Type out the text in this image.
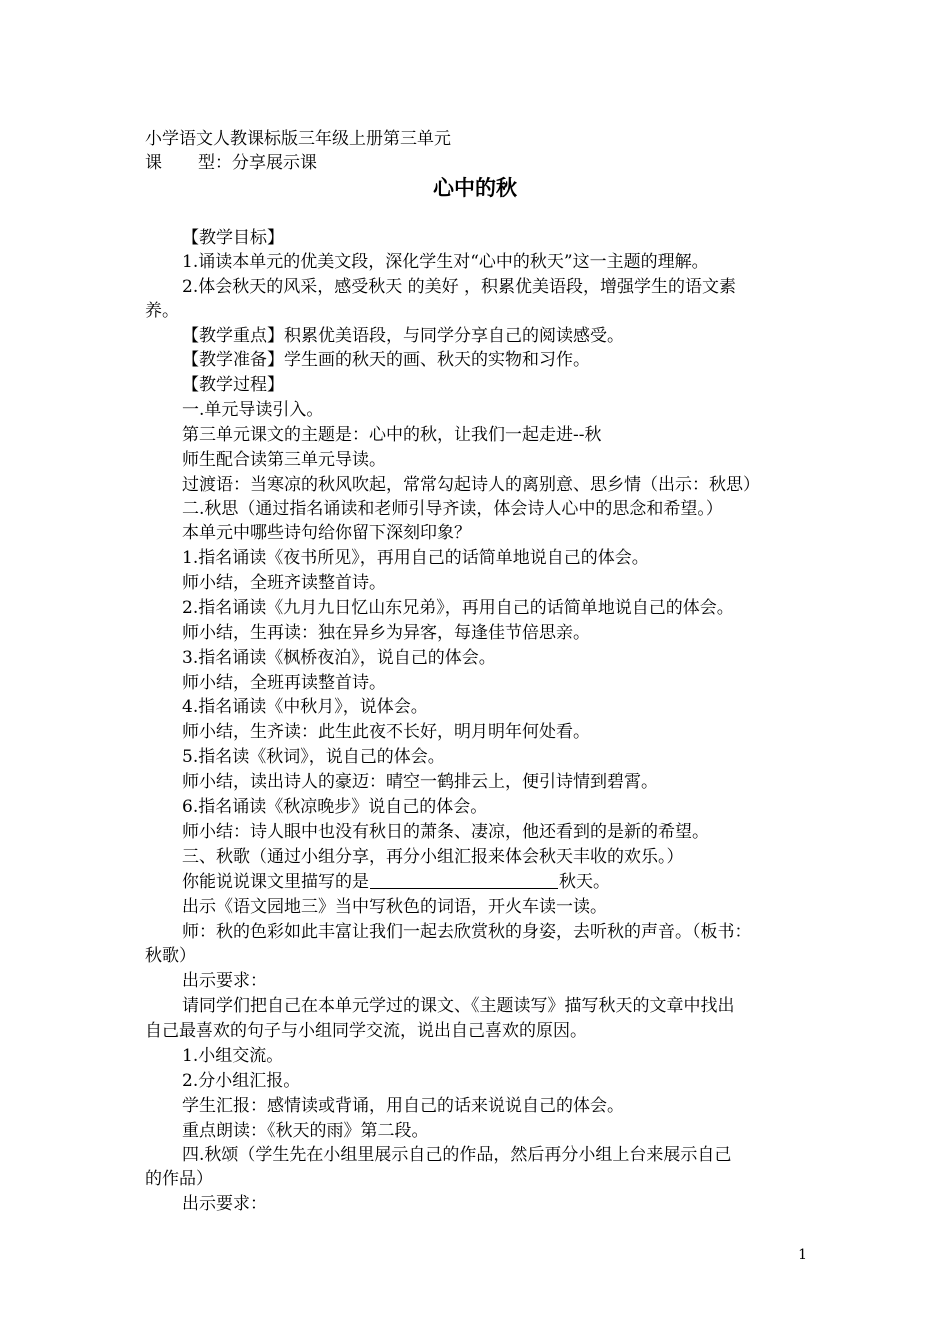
小学语文人教课标版三年级上册第三单元
课 型：分享展示课
心中的秋
【教学目标】
1.诵读本单元的优美文段，深化学生对“心中的秋天”这一主题的理解。
2.体会秋天的风采，感受秋天 的美好 ，积累优美语段，增强学生的语文素
养。
【教学重点】积累优美语段，与同学分享自己的阅读感受。
【教学准备】学生画的秋天的画、秋天的实物和习作。
【教学过程】
一.单元导读引入。
第三单元课文的主题是：心中的秋，让我们一起走进--秋
师生配合读第三单元导读。
过渡语：当寒凉的秋风吹起，常常勾起诗人的离别意、思乡情（出示：秋思）
二.秋思（通过指名诵读和老师引导齐读，体会诗人心中的思念和希望。）
本单元中哪些诗句给你留下深刻印象？
1.指名诵读《夜书所见》，再用自己的话简单地说自己的体会。
师小结，全班齐读整首诗。
2.指名诵读《九月九日忆山东兄弟》，再用自己的话简单地说自己的体会。
师小结，生再读：独在异乡为异客，每逢佳节倍思亲。
3.指名诵读《枫桥夜泊》，说自己的体会。
师小结，全班再读整首诗。
4.指名诵读《中秋月》，说体会。
师小结，生齐读：此生此夜不长好，明月明年何处看。
5.指名读《秋词》，说自己的体会。
师小结，读出诗人的豪迈：晴空一鹤排云上，便引诗情到碧霄。
6.指名诵读《秋凉晚步》说自己的体会。
师小结：诗人眼中也没有秋日的萧条、凄凉，他还看到的是新的希望。
三、秋歌（通过小组分享，再分小组汇报来体会秋天丰收的欢乐。）
你能说说课文里描写的是	秋天。
出示《语文园地三》当中写秋色的词语，开火车读一读。
师：秋的色彩如此丰富让我们一起去欣赏秋的身姿，去听秋的声音。（板书：
秋歌）
出示要求：
请同学们把自己在本单元学过的课文、《主题读写》描写秋天的文章中找出
自己最喜欢的句子与小组同学交流，说出自己喜欢的原因。
1.小组交流。
2.分小组汇报。
学生汇报：感情读或背诵，用自己的话来说说自己的体会。
重点朗读：《秋天的雨》第二段。
四.秋颂（学生先在小组里展示自己的作品，然后再分小组上台来展示自己
的作品）
出示要求：
1
